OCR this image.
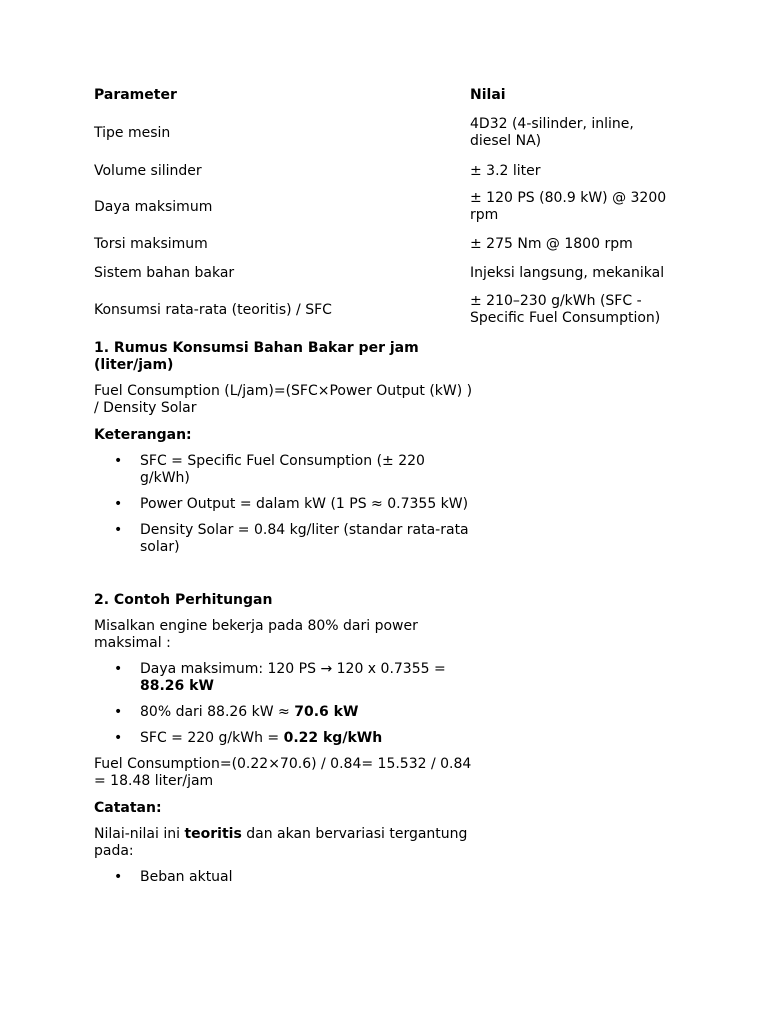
Parameter	Nilai
Tipe mesin	4D32 (4-silinder, inline, diesel NA)
Volume silinder	± 3.2 liter
Daya maksimum	± 120 PS (80.9 kW) @ 3200 rpm
Torsi maksimum	± 275 Nm @ 1800 rpm
Sistem bahan bakar	Injeksi langsung, mekanikal
Konsumsi rata-rata (teoritis) / SFC	± 210–230 g/kWh (SFC - Specific Fuel Consumption)
1. Rumus Konsumsi Bahan Bakar per jam (liter/jam)

Fuel Consumption (L/jam)=(SFC×Power Output (kW) ) / Density Solar

Keterangan:
• SFC = Specific Fuel Consumption (± 220 g/kWh)
• Power Output = dalam kW (1 PS ≈ 0.7355 kW)
• Density Solar = 0.84 kg/liter (standar rata-rata solar)
2. Contoh Perhitungan

Misalkan engine bekerja pada 80% dari power maksimal :

• Daya maksimum: 120 PS → 120 x 0.7355 = 88.26 kW
• 80% dari 88.26 kW ≈ 70.6 kW
• SFC = 220 g/kWh = 0.22 kg/kWh

Fuel Consumption=(0.22×70.6) / 0.84= 15.532 / 0.84 = 18.48 liter/jam

Catatan:

Nilai-nilai ini teoritis dan akan bervariasi tergantung pada:

• Beban aktual
